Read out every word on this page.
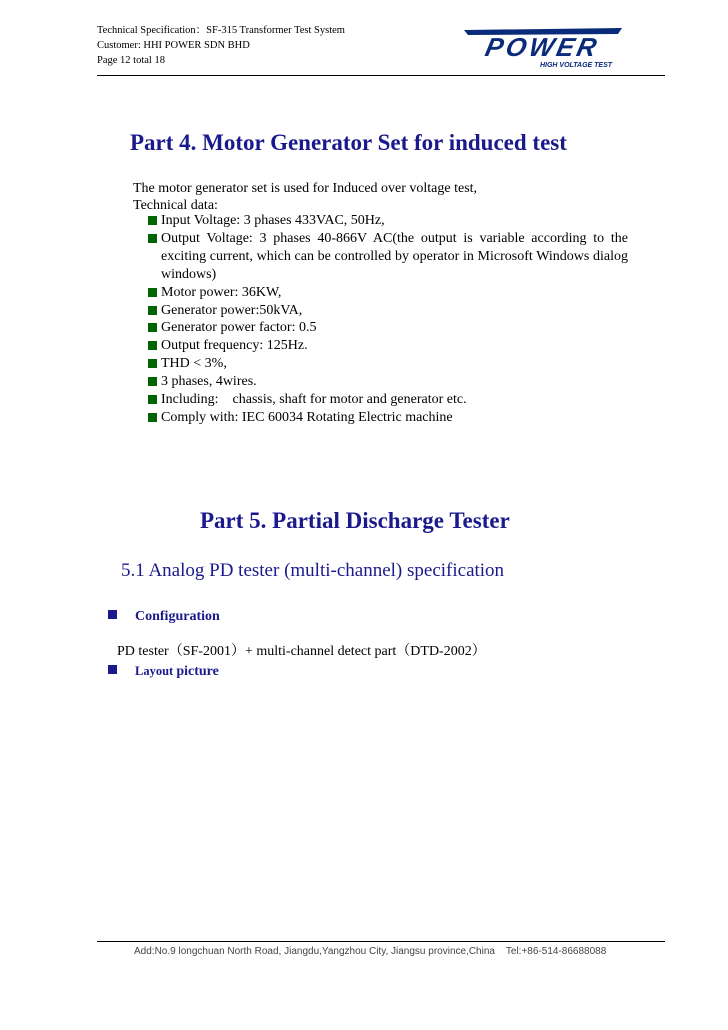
Technical Specification：SF-315 Transformer Test System
Customer: HHI POWER SDN BHD
Page 12 total 18	POWER
HIGH VOLTAGE TEST
Part 4. Motor Generator Set for induced test
The motor generator set is used for Induced over voltage test,
Technical data:
Input Voltage: 3 phases 433VAC, 50Hz,
Output Voltage: 3 phases 40-866V AC(the output is variable according to the exciting current, which can be controlled by operator in Microsoft Windows dialog windows)
Motor power: 36KW,
Generator power:50kVA,
Generator power factor: 0.5
Output frequency: 125Hz.
THD < 3%,
3 phases, 4wires.
Including:    chassis, shaft for motor and generator etc.
Comply with: IEC 60034 Rotating Electric machine
Part 5. Partial Discharge Tester
5.1 Analog PD tester (multi-channel) specification
Configuration
PD tester（SF-2001）+ multi-channel detect part（DTD-2002）
Layout picture
Add:No.9 longchuan North Road, Jiangdu,Yangzhou City, Jiangsu province,China    Tel:+86-514-86688088
